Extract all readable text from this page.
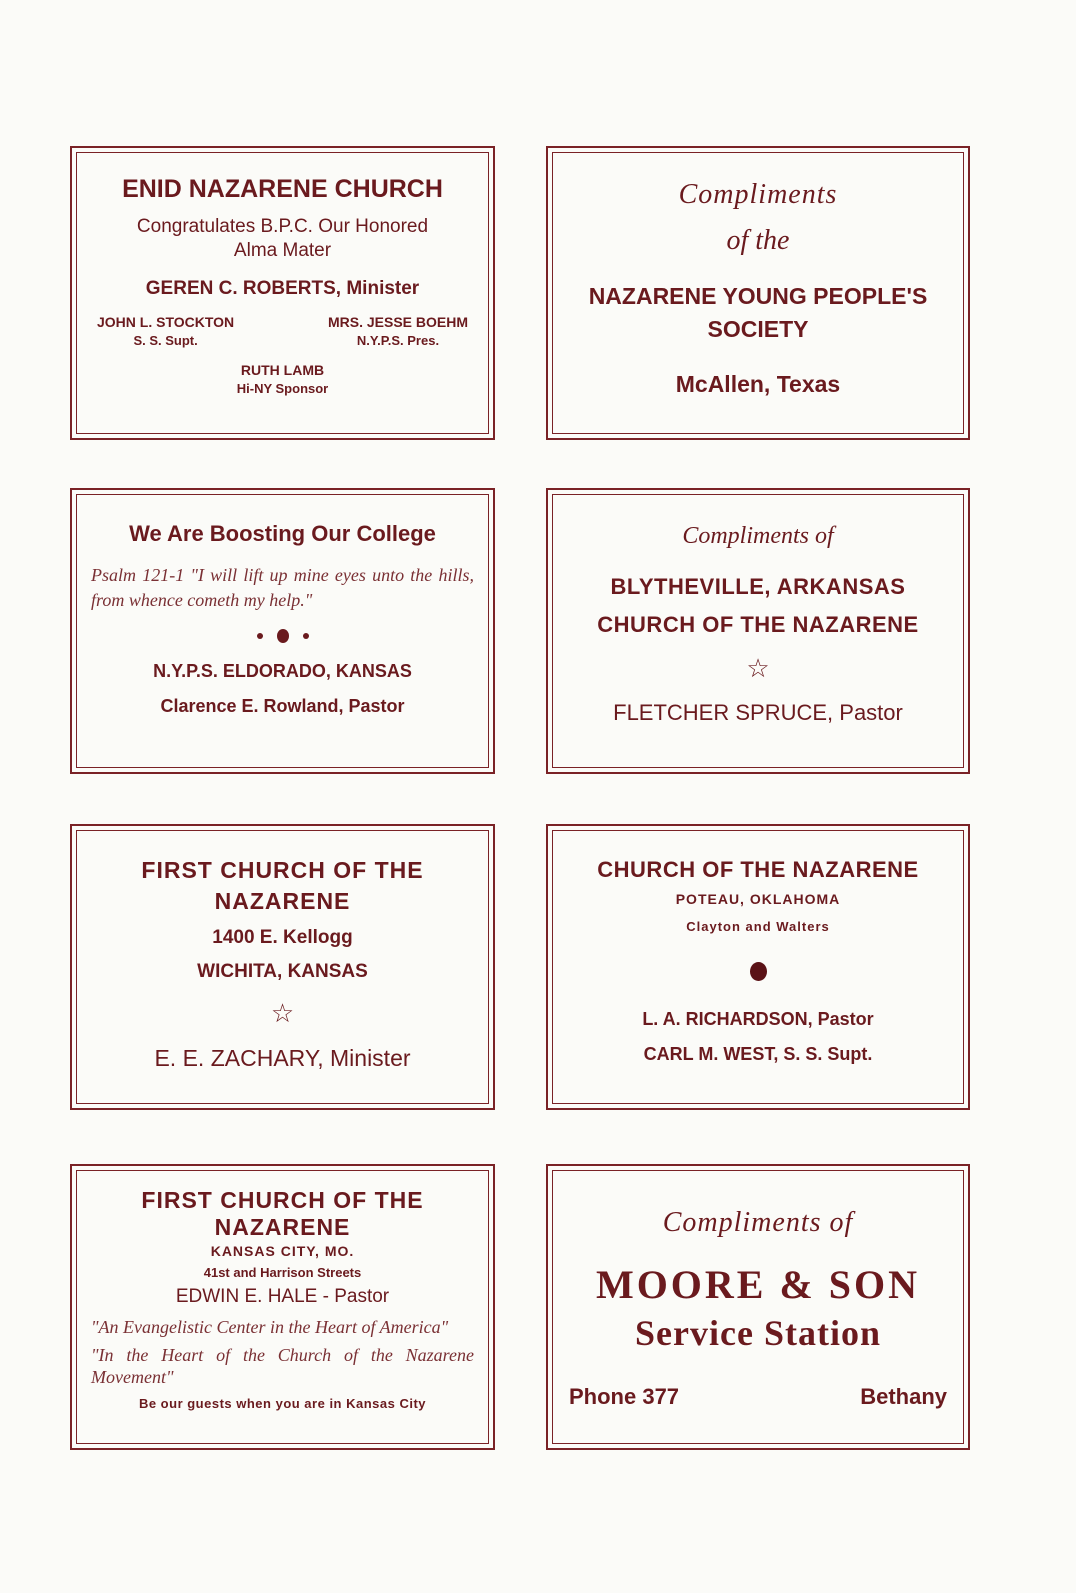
ENID NAZARENE CHURCH
Congratulates B.P.C. Our Honored
Alma Mater
GEREN C. ROBERTS, Minister
JOHN L. STOCKTON
S. S. Supt.
MRS. JESSE BOEHM
N.Y.P.S. Pres.
RUTH LAMB
Hi-NY Sponsor
Compliments
of the
NAZARENE YOUNG PEOPLE'S
SOCIETY
McAllen, Texas
We Are Boosting Our College
Psalm 121-1 "I will lift up mine eyes unto the hills, from whence cometh my help."
N.Y.P.S. ELDORADO, KANSAS
Clarence E. Rowland, Pastor
Compliments of
BLYTHEVILLE, ARKANSAS
CHURCH OF THE NAZARENE
☆
FLETCHER SPRUCE, Pastor
FIRST CHURCH OF THE
NAZARENE
1400 E. Kellogg
WICHITA, KANSAS
☆
E. E. ZACHARY, Minister
CHURCH OF THE NAZARENE
POTEAU, OKLAHOMA
Clayton and Walters
L. A. RICHARDSON, Pastor
CARL M. WEST, S. S. Supt.
FIRST CHURCH OF THE
NAZARENE
KANSAS CITY, MO.
41st and Harrison Streets
EDWIN E. HALE - Pastor
"An Evangelistic Center in the Heart of America"
"In the Heart of the Church of the Nazarene Movement"
Be our guests when you are in Kansas City
Compliments of
MOORE & SON
Service Station
Phone 377	Bethany
